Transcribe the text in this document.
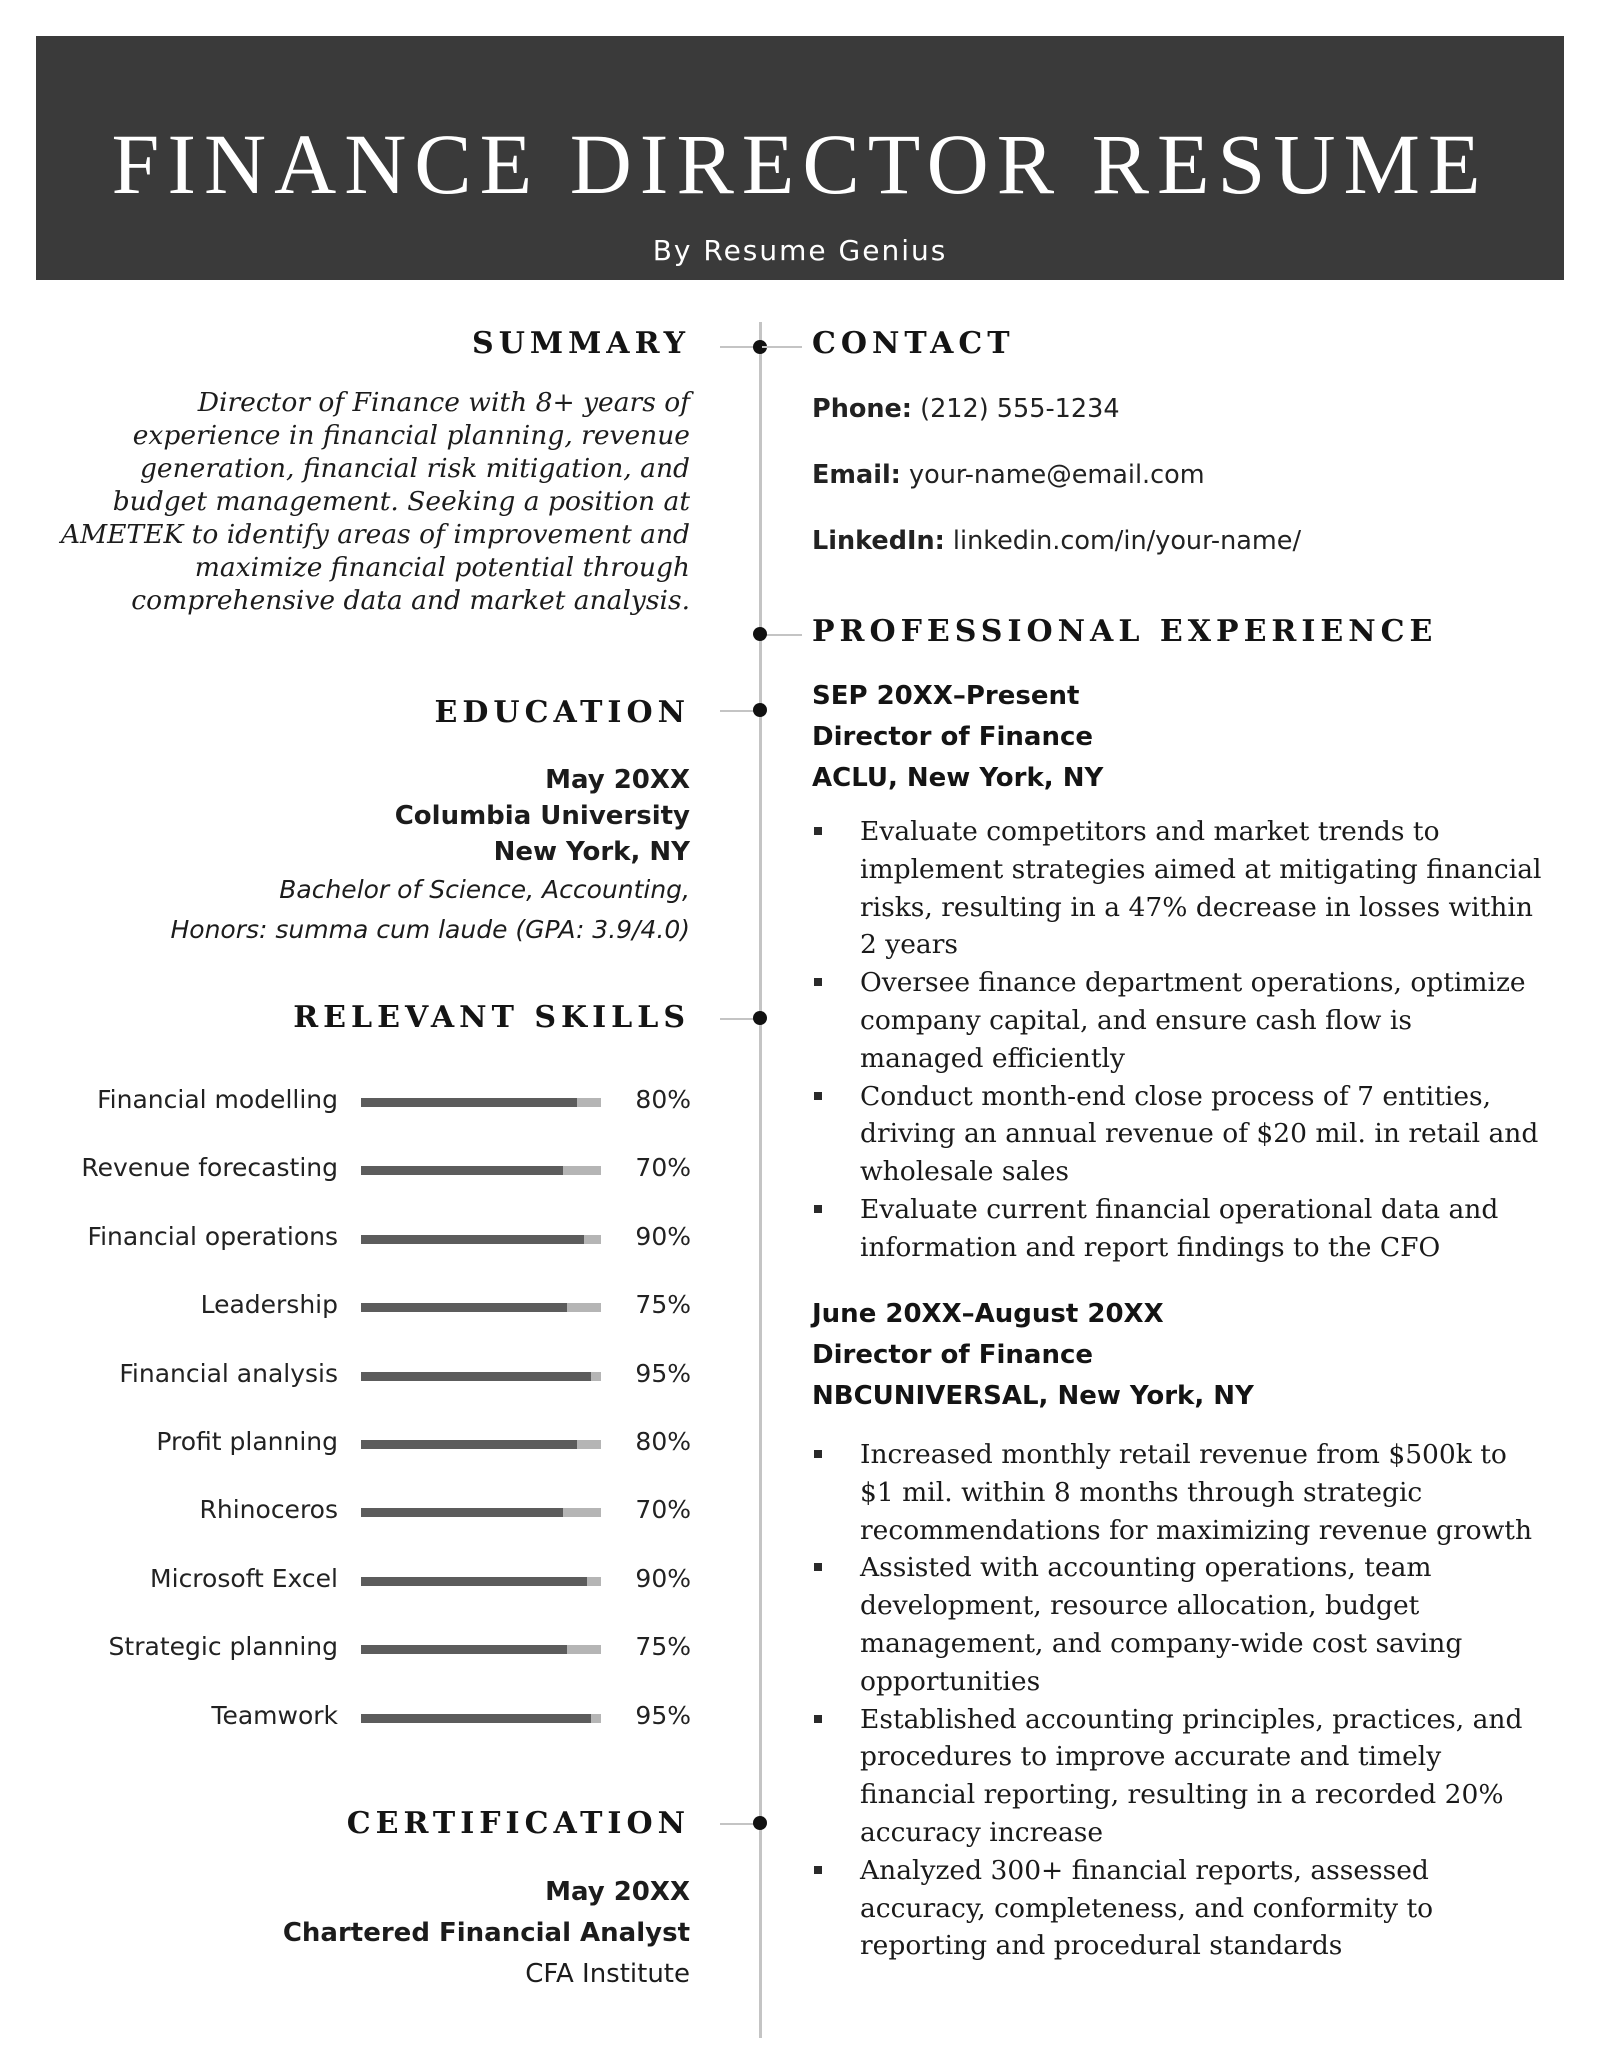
FINANCE DIRECTOR RESUME
By Resume Genius
SUMMARY

Director of Finance with 8+ years of experience in financial planning, revenue generation, financial risk mitigation, and budget management. Seeking a position at AMETEK to identify areas of improvement and maximize financial potential through comprehensive data and market analysis.

EDUCATION
May 20XX
Columbia University
New York, NY
Bachelor of Science, Accounting,
Honors: summa cum laude (GPA: 3.9/4.0)
RELEVANT SKILLS
Financial modelling	80%
Revenue forecasting	70%
Financial operations	90%
Leadership	75%
Financial analysis	95%
Profit planning	80%
Rhinoceros	70%
Microsoft Excel	90%
Strategic planning	75%
Teamwork	95%
CERTIFICATION
May 20XX
Chartered Financial Analyst
CFA Institute
CONTACT
Phone: (212) 555-1234
Email: your-name@email.com
LinkedIn: linkedin.com/in/your-name/
PROFESSIONAL EXPERIENCE
SEP 20XX–Present
Director of Finance
ACLU, New York, NY
Evaluate competitors and market trends to implement strategies aimed at mitigating financial risks, resulting in a 47% decrease in losses within 2 years
Oversee finance department operations, optimize company capital, and ensure cash flow is managed efficiently
Conduct month-end close process of 7 entities, driving an annual revenue of $20 mil. in retail and wholesale sales
Evaluate current financial operational data and information and report findings to the CFO
June 20XX–August 20XX
Director of Finance
NBCUNIVERSAL, New York, NY
Increased monthly retail revenue from $500k to $1 mil. within 8 months through strategic recommendations for maximizing revenue growth
Assisted with accounting operations, team development, resource allocation, budget management, and company-wide cost saving opportunities
Established accounting principles, practices, and procedures to improve accurate and timely financial reporting, resulting in a recorded 20% accuracy increase
Analyzed 300+ financial reports, assessed accuracy, completeness, and conformity to reporting and procedural standards
